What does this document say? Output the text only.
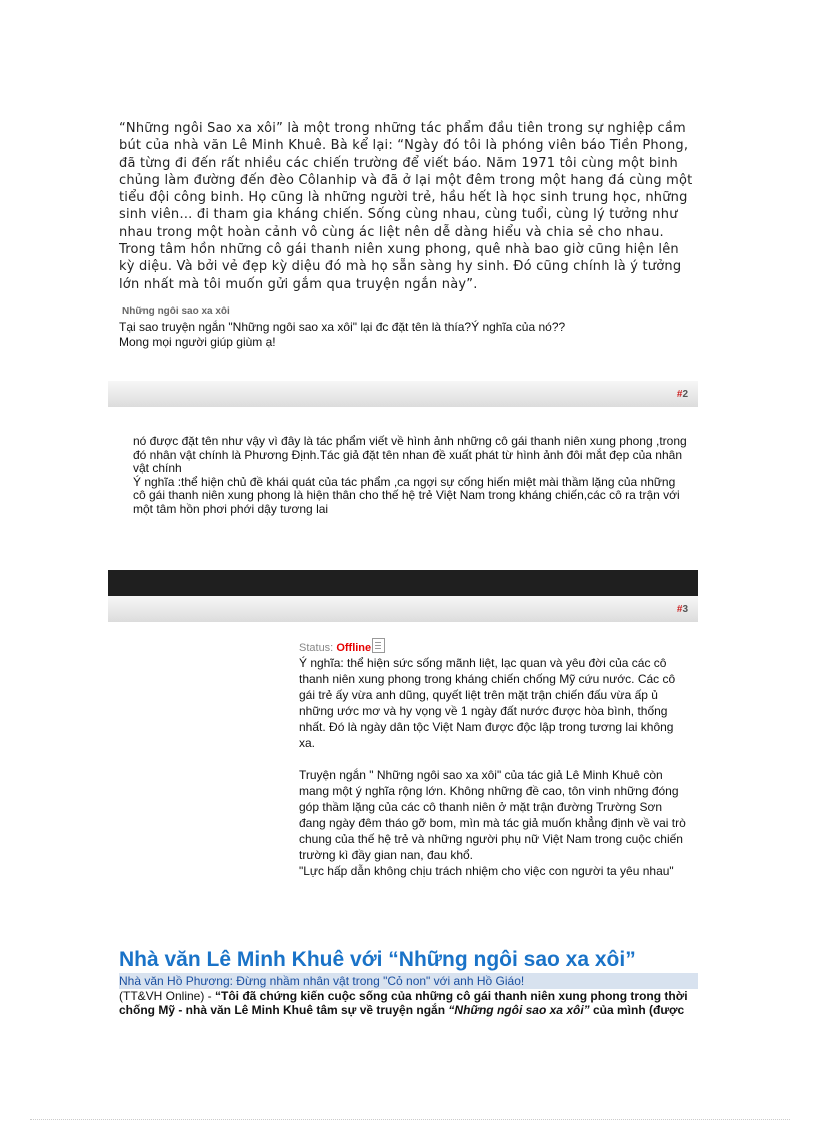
“Những ngôi Sao xa xôi” là một trong những tác phẩm đầu tiên trong sự nghiệp cầm bút của nhà văn Lê Minh Khuê. Bà kể lại: “Ngày đó tôi là phóng viên báo Tiền Phong, đã từng đi đến rất nhiều các chiến trường để viết báo. Năm 1971 tôi cùng một binh chủng làm đường đến đèo Côlanhip và đã ở lại một đêm trong một hang đá cùng một tiểu đội công binh. Họ cũng là những người trẻ, hầu hết là học sinh trung học, những sinh viên… đi tham gia kháng chiến. Sống cùng nhau, cùng tuổi, cùng lý tưởng như nhau trong một hoàn cảnh vô cùng ác liệt nên dễ dàng hiểu và chia sẻ cho nhau. Trong tâm hồn những cô gái thanh niên xung phong, quê nhà bao giờ cũng hiện lên kỳ diệu. Và bởi vẻ đẹp kỳ diệu đó mà họ sẵn sàng hy sinh. Đó cũng chính là ý tưởng lớn nhất mà tôi muốn gửi gắm qua truyện ngắn này”.
Những ngôi sao xa xôi
Tại sao truyện ngắn "Những ngôi sao xa xôi" lại đc đặt tên là thía?Ý nghĩa của nó??
Mong mọi người giúp giùm ạ!
#2
nó được đặt tên như vậy vì đây là tác phẩm viết về hình ảnh những cô gái thanh niên xung phong ,trong đó nhân vật chính là Phương Định.Tác giả đặt tên nhan đề xuất phát từ hình ảnh đôi mắt đẹp của nhân vật chính
Ý nghĩa :thể hiện chủ đề khái quát của tác phẩm ,ca ngợi sự cống hiến miệt mài thầm lặng của những cô gái thanh niên xung phong là hiện thân cho thế hệ trẻ Việt Nam trong kháng chiến,các cô ra trận với một tâm hồn phơi phới dậy tương lai
#3
Status: Offline

Ý nghĩa: thể hiện sức sống mãnh liệt, lạc quan và yêu đời của các cô thanh niên xung phong trong kháng chiến chống Mỹ cứu nước. Các cô gái trẻ ấy vừa anh dũng, quyết liệt trên mặt trận chiến đấu vừa ấp ủ những ước mơ và hy vọng về 1 ngày đất nước được hòa bình, thống nhất. Đó là ngày dân tộc Việt Nam được độc lập trong tương lai không xa.

Truyện ngắn " Những ngôi sao xa xôi" của tác giả Lê Minh Khuê còn mang một ý nghĩa rộng lớn. Không những đề cao, tôn vinh những đóng góp thầm lặng của các cô thanh niên ở mặt trận đường Trường Sơn đang ngày đêm tháo gỡ bom, mìn mà tác giả muốn khẳng định về vai trò chung của thế hệ trẻ và những người phụ nữ Việt Nam trong cuộc chiến trường kì đầy gian nan, đau khổ.

"Lực hấp dẫn không chịu trách nhiệm cho việc con người ta yêu nhau"

Nhà văn Lê Minh Khuê với “Những ngôi sao xa xôi”
Nhà văn Hồ Phương: Đừng nhầm nhân vật trong "Cỏ non" với anh Hồ Giáo!
(TT&VH Online) - “Tôi đã chứng kiến cuộc sống của những cô gái thanh niên xung phong trong thời chống Mỹ - nhà văn Lê Minh Khuê tâm sự về truyện ngắn “Những ngôi sao xa xôi” của mình (được
